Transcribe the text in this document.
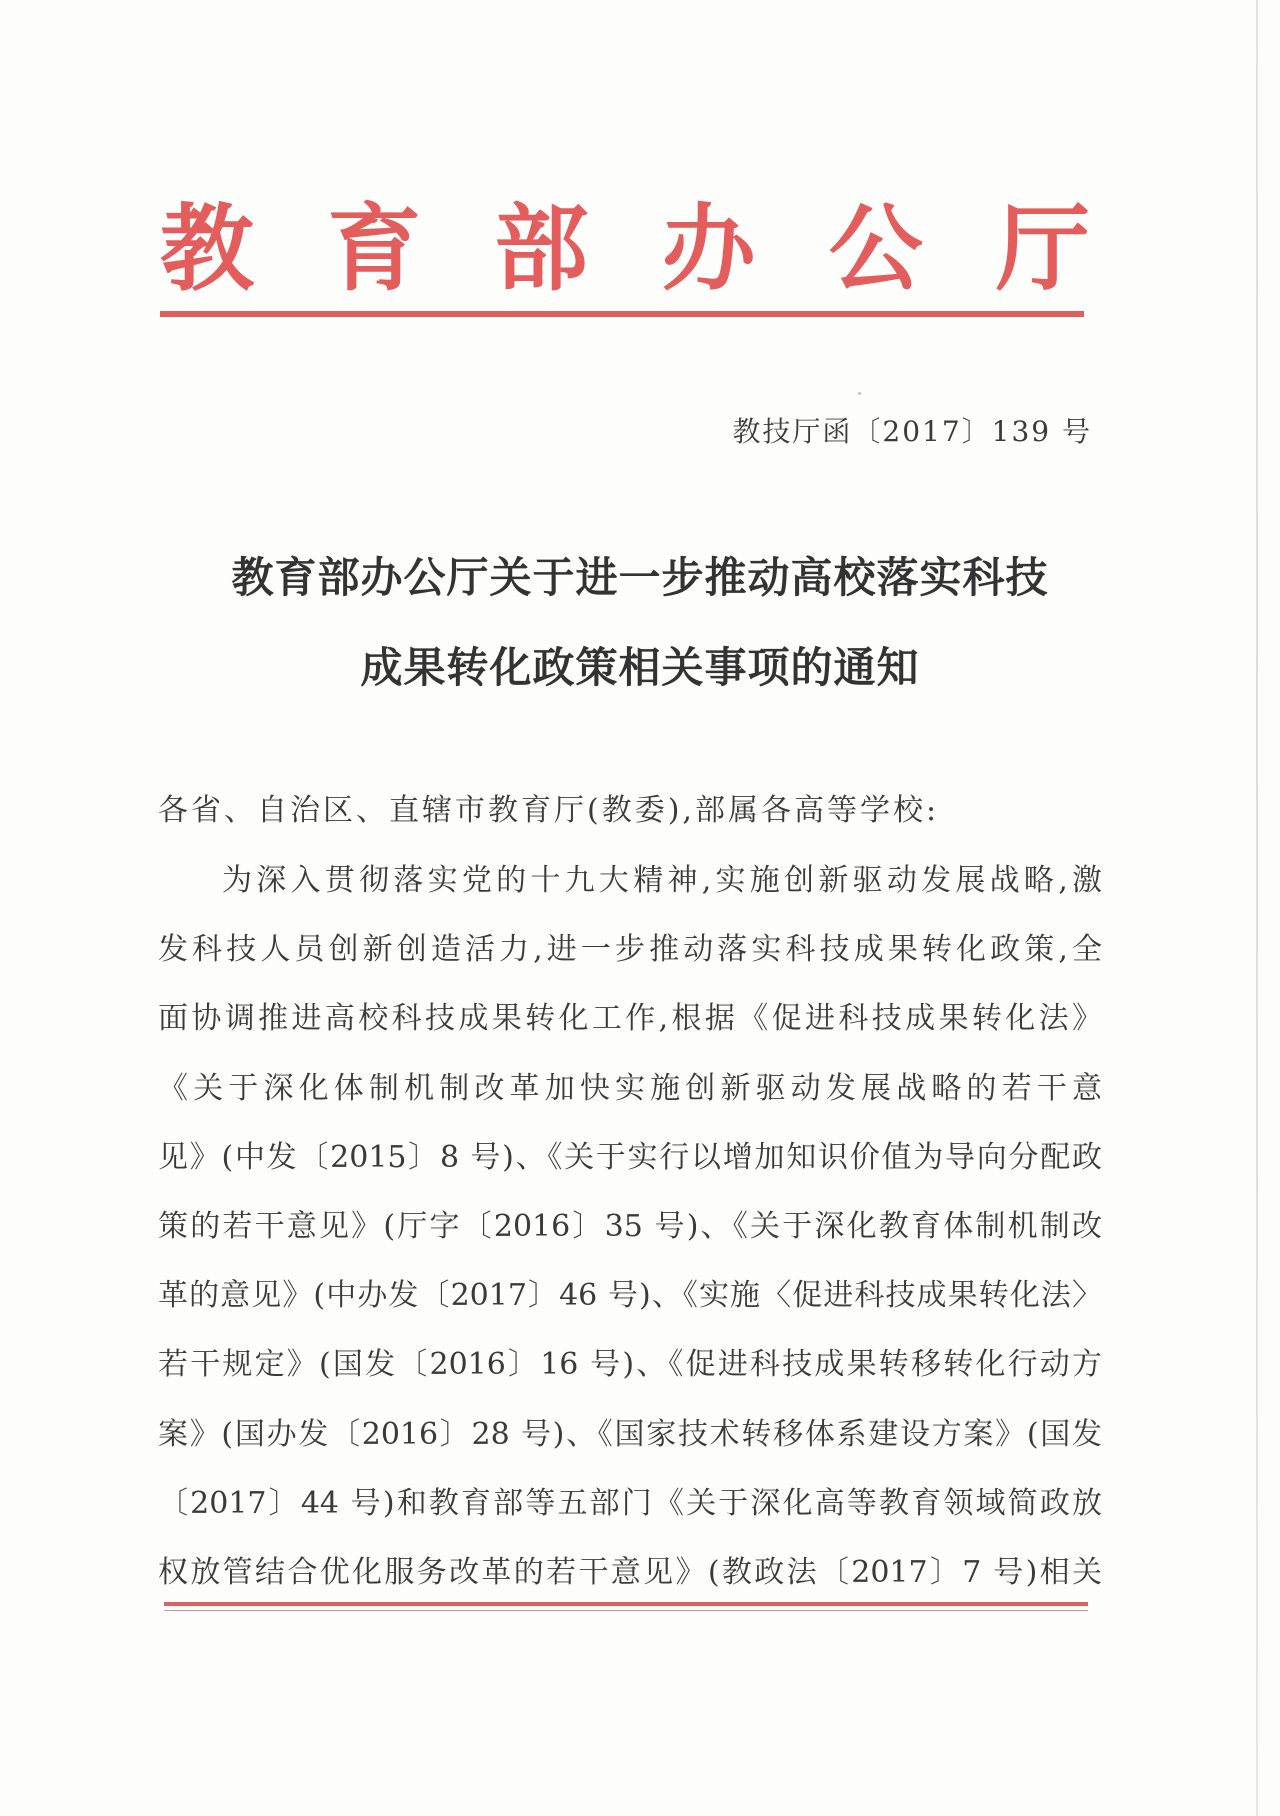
教 育 部 办 公 厅
教技厅函〔2017〕139 号
教育部办公厅关于进一步推动高校落实科技
成果转化政策相关事项的通知
各省、自治区、直辖市教育厅(教委),部属各高等学校:
为深入贯彻落实党的十九大精神,实施创新驱动发展战略,激
发科技人员创新创造活力,进一步推动落实科技成果转化政策,全
面协调推进高校科技成果转化工作,根据《促进科技成果转化法》
《关于深化体制机制改革加快实施创新驱动发展战略的若干意
见》(中发〔2015〕8 号)、《关于实行以增加知识价值为导向分配政
策的若干意见》(厅字〔2016〕35 号)、《关于深化教育体制机制改
革的意见》(中办发〔2017〕46 号)、《实施〈促进科技成果转化法〉
若干规定》(国发〔2016〕16 号)、《促进科技成果转移转化行动方
案》(国办发〔2016〕28 号)、《国家技术转移体系建设方案》(国发
〔2017〕44 号)和教育部等五部门《关于深化高等教育领域简政放
权放管结合优化服务改革的若干意见》(教政法〔2017〕7 号)相关
